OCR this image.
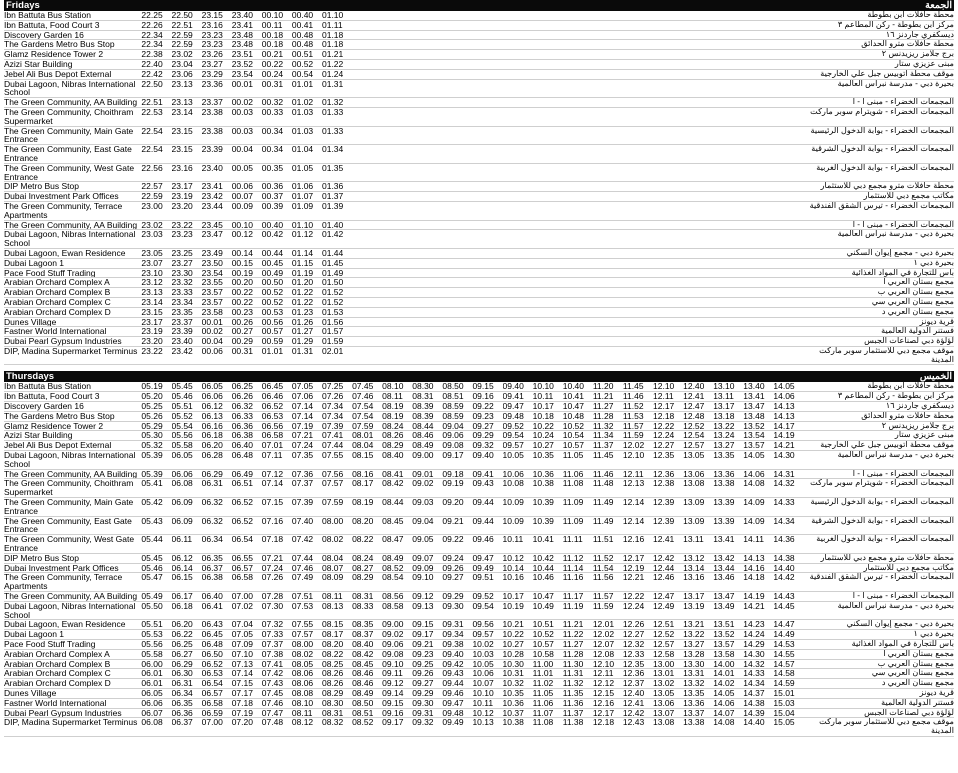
Fridays	الجمعة
Ibn Battuta Bus Station	22.25	22.50	23.15	23.40	00.10	00.40	01.10																محطة حافلات ابن بطوطة
Ibn Battuta, Food Court 3	22.26	22.51	23.16	23.41	00.11	00.41	01.11																مركز ابن بطوطة - ركن المطاعم ٣
Discovery Garden 16	22.34	22.59	23.23	23.48	00.18	00.48	01.18																ديسكفري جاردنز ١٦
The Gardens Metro Bus Stop	22.34	22.59	23.23	23.48	00.18	00.48	01.18																محطة حافلات مترو الحدائق
Glamz Residence Tower 2	22.38	23.02	23.26	23.51	00.21	00.51	01.21																برج جلامز ريزيدنس ٢
Azizi Star Building	22.40	23.04	23.27	23.52	00.22	00.52	01.22																مبنى عزيزي ستار
Jebel Ali Bus Depot External	22.42	23.06	23.29	23.54	00.24	00.54	01.24																موقف محطة أتوبيس جبل علي الخارجية
Dubai Lagoon, Nibras International School	22.50	23.13	23.36	00.01	00.31	01.01	01.31																بحيرة دبي - مدرسة نبراس العالمية
The Green Community, AA Building	22.51	23.13	23.37	00.02	00.32	01.02	01.32																المجمعات الخضراء - مبنى أ - أ
The Green Community, Choithram Supermarket	22.53	23.14	23.38	00.03	00.33	01.03	01.33																المجمعات الخضراء - شويترام سوبر ماركت
The Green Community, Main Gate Entrance	22.54	23.15	23.38	00.03	00.34	01.03	01.33																المجمعات الخضراء - بوابة الدخول الرئيسية
The Green Community, East Gate Entrance	22.54	23.15	23.39	00.04	00.34	01.04	01.34																المجمعات الخضراء - بوابة الدخول الشرقية
The Green Community, West Gate Entrance	22.56	23.16	23.40	00.05	00.35	01.05	01.35																المجمعات الخضراء - بوابة الدخول الغربية
DIP Metro Bus Stop	22.57	23.17	23.41	00.06	00.36	01.06	01.36																محطة حافلات مترو مجمع دبي للاستثمار
Dubai Investment Park Offices	22.59	23.19	23.42	00.07	00.37	01.07	01.37																مكاتب مجمع دبي للاستثمار
The Green Community, Terrace Apartments	23.00	23.20	23.44	00.09	00.39	01.09	01.39																المجمعات الخضراء - تيرس الشقق الفندقية
The Green Community, AA Building	23.02	23.22	23.45	00.10	00.40	01.10	01.40																المجمعات الخضراء - مبنى أ - أ
Dubai Lagoon, Nibras International School	23.03	23.23	23.47	00.12	00.42	01.12	01.42																بحيرة دبي - مدرسة نبراس العالمية
Dubai Lagoon, Ewan Residence	23.05	23.25	23.49	00.14	00.44	01.14	01.44																بحيرة دبي - مجمع إيوان السكني
Dubai Lagoon 1	23.07	23.27	23.50	00.15	00.45	01.15	01.45																بحيرة دبي ١
Pace Food Stuff Trading	23.10	23.30	23.54	00.19	00.49	01.19	01.49																باس للتجارة في المواد الغذائية
Arabian Orchard Complex A	23.12	23.32	23.55	00.20	00.50	01.20	01.50																مجمع بستان العربي أ
Arabian Orchard Complex B	23.13	23.33	23.57	00.22	00.52	01.22	01.52																مجمع بستان العربي ب
Arabian Orchard Complex C	23.14	23.34	23.57	00.22	00.52	01.22	01.52																مجمع بستان العربي سي
Arabian Orchard Complex D	23.15	23.35	23.58	00.23	00.53	01.23	01.53																مجمع بستان العربي د
Dunes Village	23.17	23.37	00.01	00.26	00.56	01.26	01.56																قرية ديونز
Fastner World International	23.19	23.39	00.02	00.27	00.57	01.27	01.57																فستنر الدولية العالمية
Dubai Pearl Gypsum Industries	23.20	23.40	00.04	00.29	00.59	01.29	01.59																لؤلؤة دبي لصناعات الجبس
DIP, Madina Supermarket Terminus	23.22	23.42	00.06	00.31	01.01	01.31	02.01																موقف مجمع دبي للاستثمار سوبر ماركت المدينة
Thursdays	الخميس
Ibn Battuta Bus Station	05.19	05.45	06.05	06.25	06.45	07.05	07.25	07.45	08.10	08.30	08.50	09.15	09.40	10.10	10.40	11.20	11.45	12.10	12.40	13.10	13.40	14.05	محطة حافلات ابن بطوطة
Ibn Battuta, Food Court 3	05.20	05.46	06.06	06.26	06.46	07.06	07.26	07.46	08.11	08.31	08.51	09.16	09.41	10.11	10.41	11.21	11.46	12.11	12.41	13.11	13.41	14.06	مركز ابن بطوطة - ركن المطاعم ٣
Discovery Garden 16	05.25	05.51	06.12	06.32	06.52	07.14	07.34	07.54	08.19	08.39	08.59	09.22	09.47	10.17	10.47	11.27	11.52	12.17	12.47	13.17	13.47	14.13	ديسكفري جاردنز ١٦
The Gardens Metro Bus Stop	05.26	05.52	06.13	06.33	06.53	07.14	07.34	07.54	08.19	08.39	08.59	09.23	09.48	10.18	10.48	11.28	11.53	12.18	12.48	13.18	13.48	14.13	محطة حافلات مترو الحدائق
Glamz Residence Tower 2	05.29	05.54	06.16	06.36	06.56	07.19	07.39	07.59	08.24	08.44	09.04	09.27	09.52	10.22	10.52	11.32	11.57	12.22	12.52	13.22	13.52	14.17	برج جلامز ريزيدنس ٢
Azizi Star Building	05.30	05.56	06.18	06.38	06.58	07.21	07.41	08.01	08.26	08.46	09.06	09.29	09.54	10.24	10.54	11.34	11.59	12.24	12.54	13.24	13.54	14.19	مبنى عزيزي ستار
Jebel Ali Bus Depot External	05.32	05.58	06.20	06.40	07.01	07.24	07.44	08.04	08.29	08.49	09.08	09.32	09.57	10.27	10.57	11.37	12.02	12.27	12.57	13.27	13.57	14.21	موقف محطة أتوبيس جبل علي الخارجية
Dubai Lagoon, Nibras International School	05.39	06.05	06.28	06.48	07.11	07.35	07.55	08.15	08.40	09.00	09.17	09.40	10.05	10.35	11.05	11.45	12.10	12.35	13.05	13.35	14.05	14.30	بحيرة دبي - مدرسة نبراس العالمية
The Green Community, AA Building	05.39	06.06	06.29	06.49	07.12	07.36	07.56	08.16	08.41	09.01	09.18	09.41	10.06	10.36	11.06	11.46	12.11	12.36	13.06	13.36	14.06	14.31	المجمعات الخضراء - مبنى أ - أ
The Green Community, Choithram Supermarket	05.41	06.08	06.31	06.51	07.14	07.37	07.57	08.17	08.42	09.02	09.19	09.43	10.08	10.38	11.08	11.48	12.13	12.38	13.08	13.38	14.08	14.32	المجمعات الخضراء - شويترام سوبر ماركت
The Green Community, Main Gate Entrance	05.42	06.09	06.32	06.52	07.15	07.39	07.59	08.19	08.44	09.03	09.20	09.44	10.09	10.39	11.09	11.49	12.14	12.39	13.09	13.39	14.09	14.33	المجمعات الخضراء - بوابة الدخول الرئيسية
The Green Community, East Gate Entrance	05.43	06.09	06.32	06.52	07.16	07.40	08.00	08.20	08.45	09.04	09.21	09.44	10.09	10.39	11.09	11.49	12.14	12.39	13.09	13.39	14.09	14.34	المجمعات الخضراء - بوابة الدخول الشرقية
The Green Community, West Gate Entrance	05.44	06.11	06.34	06.54	07.18	07.42	08.02	08.22	08.47	09.05	09.22	09.46	10.11	10.41	11.11	11.51	12.16	12.41	13.11	13.41	14.11	14.36	المجمعات الخضراء - بوابة الدخول الغربية
DIP Metro Bus Stop	05.45	06.12	06.35	06.55	07.21	07.44	08.04	08.24	08.49	09.07	09.24	09.47	10.12	10.42	11.12	11.52	12.17	12.42	13.12	13.42	14.13	14.38	محطة حافلات مترو مجمع دبي للاستثمار
Dubai Investment Park Offices	05.46	06.14	06.37	06.57	07.24	07.46	08.07	08.27	08.52	09.09	09.26	09.49	10.14	10.44	11.14	11.54	12.19	12.44	13.14	13.44	14.16	14.40	مكاتب مجمع دبي للاستثمار
The Green Community, Terrace Apartments	05.47	06.15	06.38	06.58	07.26	07.49	08.09	08.29	08.54	09.10	09.27	09.51	10.16	10.46	11.16	11.56	12.21	12.46	13.16	13.46	14.18	14.42	المجمعات الخضراء - تيرس الشقق الفندقية
The Green Community, AA Building	05.49	06.17	06.40	07.00	07.28	07.51	08.11	08.31	08.56	09.12	09.29	09.52	10.17	10.47	11.17	11.57	12.22	12.47	13.17	13.47	14.19	14.43	المجمعات الخضراء - مبنى أ - أ
Dubai Lagoon, Nibras International School	05.50	06.18	06.41	07.02	07.30	07.53	08.13	08.33	08.58	09.13	09.30	09.54	10.19	10.49	11.19	11.59	12.24	12.49	13.19	13.49	14.21	14.45	بحيرة دبي - مدرسة نبراس العالمية
Dubai Lagoon, Ewan Residence	05.51	06.20	06.43	07.04	07.32	07.55	08.15	08.35	09.00	09.15	09.31	09.56	10.21	10.51	11.21	12.01	12.26	12.51	13.21	13.51	14.23	14.47	بحيرة دبي - مجمع إيوان السكني
Dubai Lagoon 1	05.53	06.22	06.45	07.05	07.33	07.57	08.17	08.37	09.02	09.17	09.34	09.57	10.22	10.52	11.22	12.02	12.27	12.52	13.22	13.52	14.24	14.49	بحيرة دبي ١
Pace Food Stuff Trading	05.56	06.25	06.48	07.09	07.37	08.00	08.20	08.40	09.06	09.21	09.38	10.02	10.27	10.57	11.27	12.07	12.32	12.57	13.27	13.57	14.29	14.53	باس للتجارة في المواد الغذائية
Arabian Orchard Complex A	05.58	06.27	06.50	07.10	07.38	08.02	08.22	08.42	09.08	09.23	09.40	10.03	10.28	10.58	11.28	12.08	12.33	12.58	13.28	13.58	14.30	14.55	مجمع بستان العربي أ
Arabian Orchard Complex B	06.00	06.29	06.52	07.13	07.41	08.05	08.25	08.45	09.10	09.25	09.42	10.05	10.30	11.00	11.30	12.10	12.35	13.00	13.30	14.00	14.32	14.57	مجمع بستان العربي ب
Arabian Orchard Complex C	06.01	06.30	06.53	07.14	07.42	08.06	08.26	08.46	09.11	09.26	09.43	10.06	10.31	11.01	11.31	12.11	12.36	13.01	13.31	14.01	14.33	14.58	مجمع بستان العربي سي
Arabian Orchard Complex D	06.01	06.31	06.54	07.15	07.43	08.06	08.26	08.46	09.12	09.27	09.44	10.07	10.32	11.02	11.32	12.12	12.37	13.02	13.32	14.02	14.34	14.59	مجمع بستان العربي د
Dunes Village	06.05	06.34	06.57	07.17	07.45	08.08	08.29	08.49	09.14	09.29	09.46	10.10	10.35	11.05	11.35	12.15	12.40	13.05	13.35	14.05	14.37	15.01	قرية ديونز
Fastner World International	06.06	06.35	06.58	07.18	07.46	08.10	08.30	08.50	09.15	09.30	09.47	10.11	10.36	11.06	11.36	12.16	12.41	13.06	13.36	14.06	14.38	15.03	فستنر الدولية العالمية
Dubai Pearl Gypsum Industries	06.07	06.36	06.59	07.19	07.47	08.11	08.31	08.51	09.16	09.31	09.48	10.12	10.37	11.07	11.37	12.17	12.42	13.07	13.37	14.07	14.39	15.04	لؤلؤة دبي لصناعات الجبس
DIP, Madina Supermarket Terminus	06.08	06.37	07.00	07.20	07.48	08.12	08.32	08.52	09.17	09.32	09.49	10.13	10.38	11.08	11.38	12.18	12.43	13.08	13.38	14.08	14.40	15.05	موقف مجمع دبي للاستثمار سوبر ماركت المدينة
